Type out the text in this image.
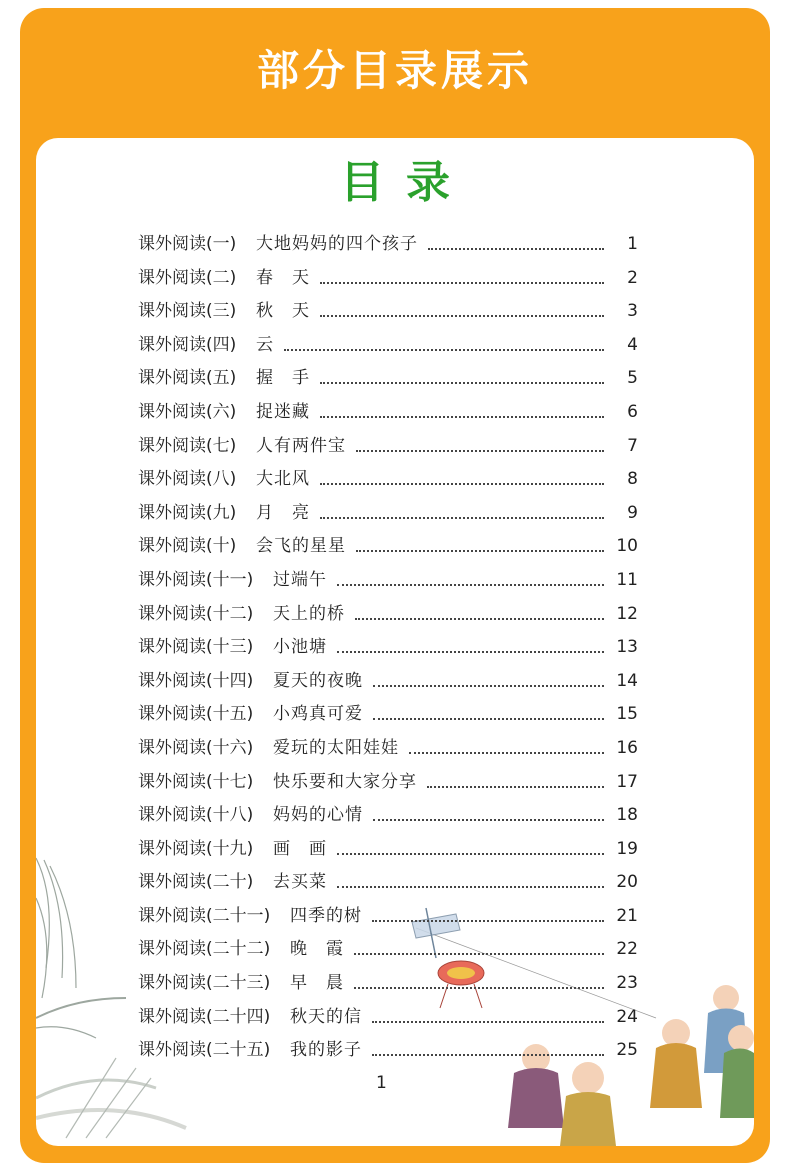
部分目录展示
目录
课外阅读(一) 大地妈妈的四个孩子	1
课外阅读(二) 春　天	2
课外阅读(三) 秋　天	3
课外阅读(四) 云	4
课外阅读(五) 握　手	5
课外阅读(六) 捉迷藏	6
课外阅读(七) 人有两件宝	7
课外阅读(八) 大北风	8
课外阅读(九) 月　亮	9
课外阅读(十) 会飞的星星	10
课外阅读(十一) 过端午	11
课外阅读(十二) 天上的桥	12
课外阅读(十三) 小池塘	13
课外阅读(十四) 夏天的夜晚	14
课外阅读(十五) 小鸡真可爱	15
课外阅读(十六) 爱玩的太阳娃娃	16
课外阅读(十七) 快乐要和大家分享	17
课外阅读(十八) 妈妈的心情	18
课外阅读(十九) 画　画	19
课外阅读(二十) 去买菜	20
课外阅读(二十一) 四季的树	21
课外阅读(二十二) 晚　霞	22
课外阅读(二十三) 早　晨	23
课外阅读(二十四) 秋天的信	24
课外阅读(二十五) 我的影子	25
1
